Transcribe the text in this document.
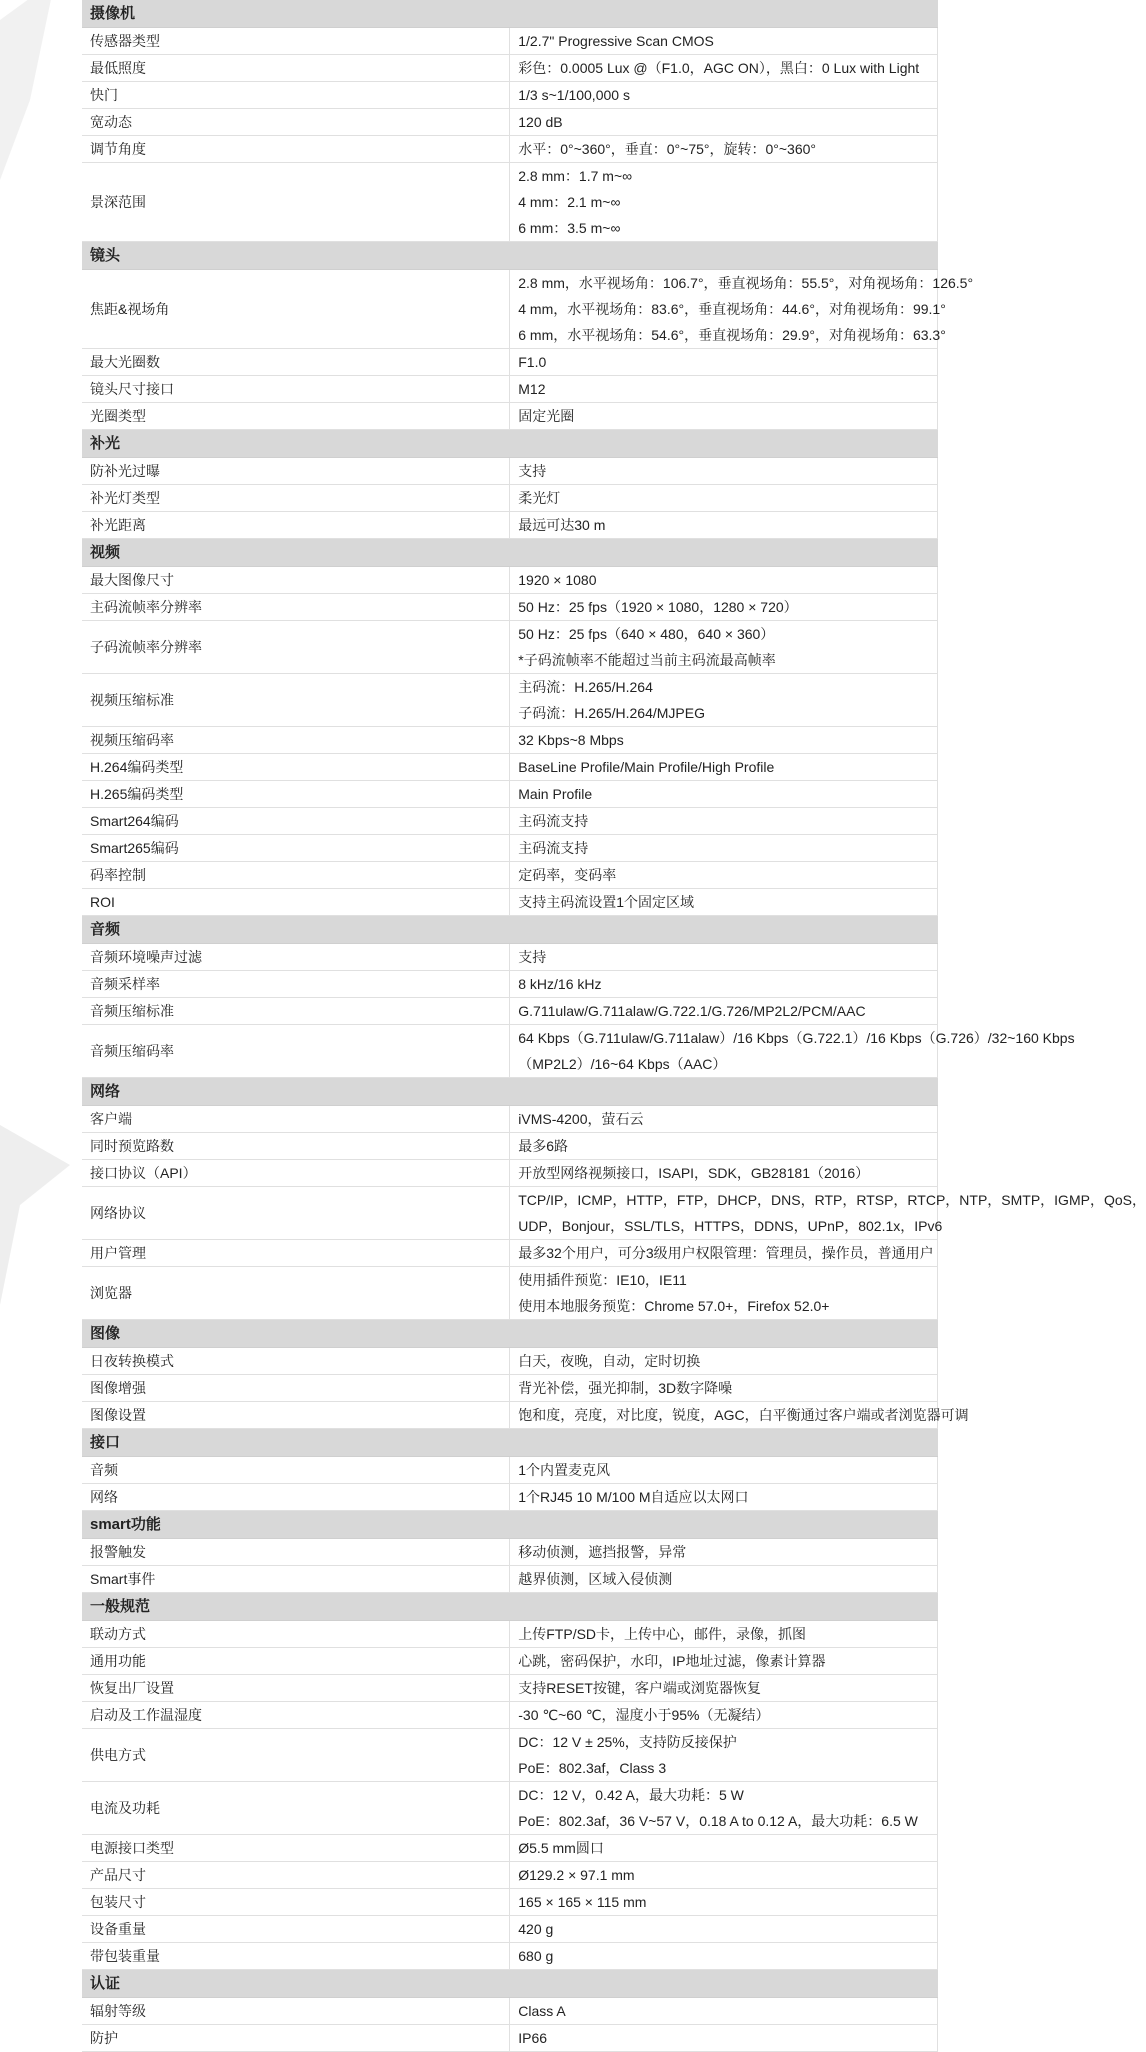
摄像机	
传感器类型	1/2.7" Progressive Scan CMOS

最低照度	彩色：0.0005 Lux @（F1.0，AGC ON），黑白：0 Lux with Light

快门	1/3 s~1/100,000 s

宽动态	120 dB

调节角度	水平：0°~360°，垂直：0°~75°，旋转：0°~360°

景深范围	2.8 mm：1.7 m~∞
4 mm：2.1 m~∞
6 mm：3.5 m~∞

镜头	
焦距&视场角	2.8 mm，水平视场角：106.7°，垂直视场角：55.5°，对角视场角：126.5°
4 mm，水平视场角：83.6°，垂直视场角：44.6°，对角视场角：99.1°
6 mm，水平视场角：54.6°，垂直视场角：29.9°，对角视场角：63.3°

最大光圈数	F1.0

镜头尺寸接口	M12

光圈类型	固定光圈

补光	
防补光过曝	支持

补光灯类型	柔光灯

补光距离	最远可达30 m

视频	
最大图像尺寸	1920 × 1080

主码流帧率分辨率	50 Hz：25 fps（1920 × 1080，1280 × 720）

子码流帧率分辨率	50 Hz：25 fps（640 × 480，640 × 360）
*子码流帧率不能超过当前主码流最高帧率

视频压缩标准	主码流：H.265/H.264
子码流：H.265/H.264/MJPEG

视频压缩码率	32 Kbps~8 Mbps

H.264编码类型	BaseLine Profile/Main Profile/High Profile

H.265编码类型	Main Profile

Smart264编码	主码流支持

Smart265编码	主码流支持

码率控制	定码率，变码率

ROI	支持主码流设置1个固定区域

音频	
音频环境噪声过滤	支持

音频采样率	8 kHz/16 kHz

音频压缩标准	G.711ulaw/G.711alaw/G.722.1/G.726/MP2L2/PCM/AAC

音频压缩码率	64 Kbps（G.711ulaw/G.711alaw）/16 Kbps（G.722.1）/16 Kbps（G.726）/32~160 Kbps
（MP2L2）/16~64 Kbps（AAC）

网络	
客户端	iVMS-4200，萤石云

同时预览路数	最多6路

接口协议（API）	开放型网络视频接口，ISAPI，SDK，GB28181（2016）

网络协议	TCP/IP，ICMP，HTTP，FTP，DHCP，DNS，RTP，RTSP，RTCP，NTP，SMTP，IGMP，QoS，
UDP，Bonjour，SSL/TLS，HTTPS，DDNS，UPnP，802.1x，IPv6

用户管理	最多32个用户，可分3级用户权限管理：管理员，操作员，普通用户

浏览器	使用插件预览：IE10，IE11
使用本地服务预览：Chrome 57.0+，Firefox 52.0+

图像	
日夜转换模式	白天，夜晚，自动，定时切换

图像增强	背光补偿，强光抑制，3D数字降噪

图像设置	饱和度，亮度，对比度，锐度，AGC，白平衡通过客户端或者浏览器可调

接口	
音频	1个内置麦克风

网络	1个RJ45 10 M/100 M自适应以太网口

smart功能	
报警触发	移动侦测，遮挡报警，异常

Smart事件	越界侦测，区域入侵侦测

一般规范	
联动方式	上传FTP/SD卡，上传中心，邮件，录像，抓图

通用功能	心跳，密码保护，水印，IP地址过滤，像素计算器

恢复出厂设置	支持RESET按键，客户端或浏览器恢复

启动及工作温湿度	-30 ℃~60 ℃，湿度小于95%（无凝结）

供电方式	DC：12 V ± 25%，支持防反接保护
PoE：802.3af，Class 3

电流及功耗	DC：12 V，0.42 A，最大功耗：5 W
PoE：802.3af，36 V~57 V，0.18 A to 0.12 A，最大功耗：6.5 W

电源接口类型	Ø5.5 mm圆口

产品尺寸	Ø129.2 × 97.1 mm

包装尺寸	165 × 165 × 115 mm

设备重量	420 g

带包装重量	680 g

认证	
辐射等级	Class A

防护	IP66
